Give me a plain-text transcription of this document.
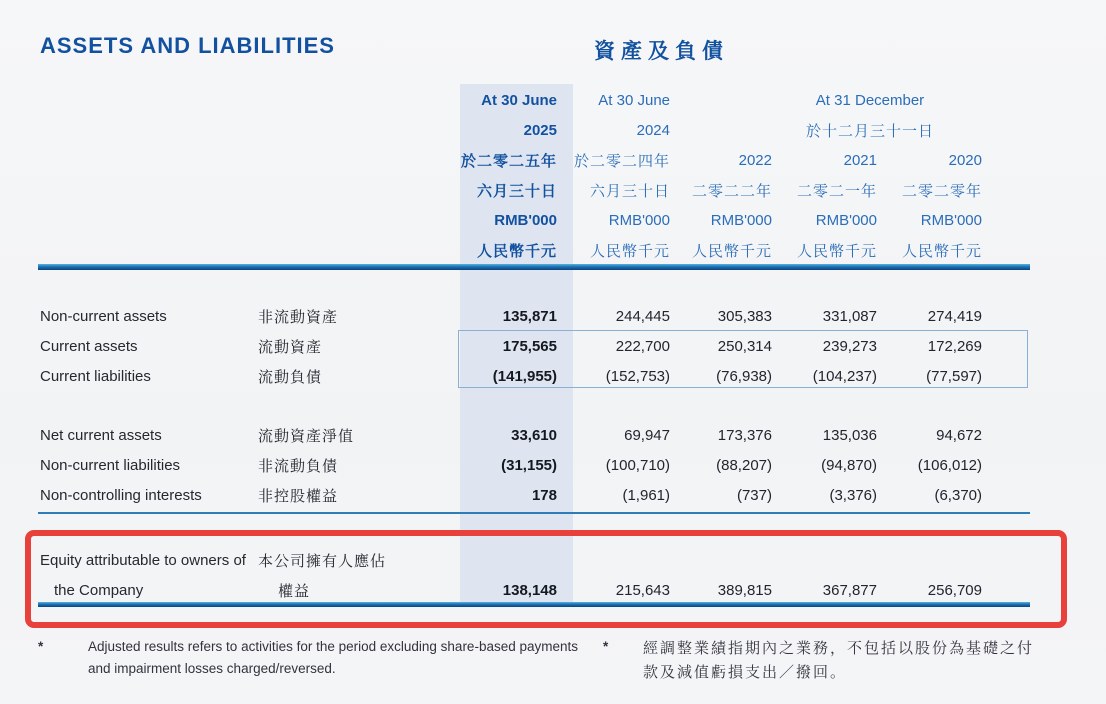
ASSETS AND LIABILITIES	資產及負債
		At 30 June	At 30 June	At 31 December		
		2025	2024	於十二月三十一日		
		於二零二五年	於二零二四年	2022	2021	2020
		六月三十日	六月三十日	二零二二年	二零二一年	二零二零年
		RMB'000	RMB'000	RMB'000	RMB'000	RMB'000
		人民幣千元	人民幣千元	人民幣千元	人民幣千元	人民幣千元

Non-current assets	非流動資產	135,871	244,445	305,383	331,087	274,419
Current assets	流動資產	175,565	222,700	250,314	239,273	172,269
Current liabilities	流動負債	(141,955)	(152,753)	(76,938)	(104,237)	(77,597)

Net current assets	流動資產淨值	33,610	69,947	173,376	135,036	94,672
Non-current liabilities	非流動負債	(31,155)	(100,710)	(88,207)	(94,870)	(106,012)
Non-controlling interests	非控股權益	178	(1,961)	(737)	(3,376)	(6,370)

Equity attributable to owners of	本公司擁有人應佔					
the Company	權益	138,148	215,643	389,815	367,877	256,709
*	Adjusted results refers to activities for the period excluding share-based payments and impairment losses charged/reversed.
*	經調整業績指期內之業務，不包括以股份為基礎之付款及減值虧損支出／撥回。
